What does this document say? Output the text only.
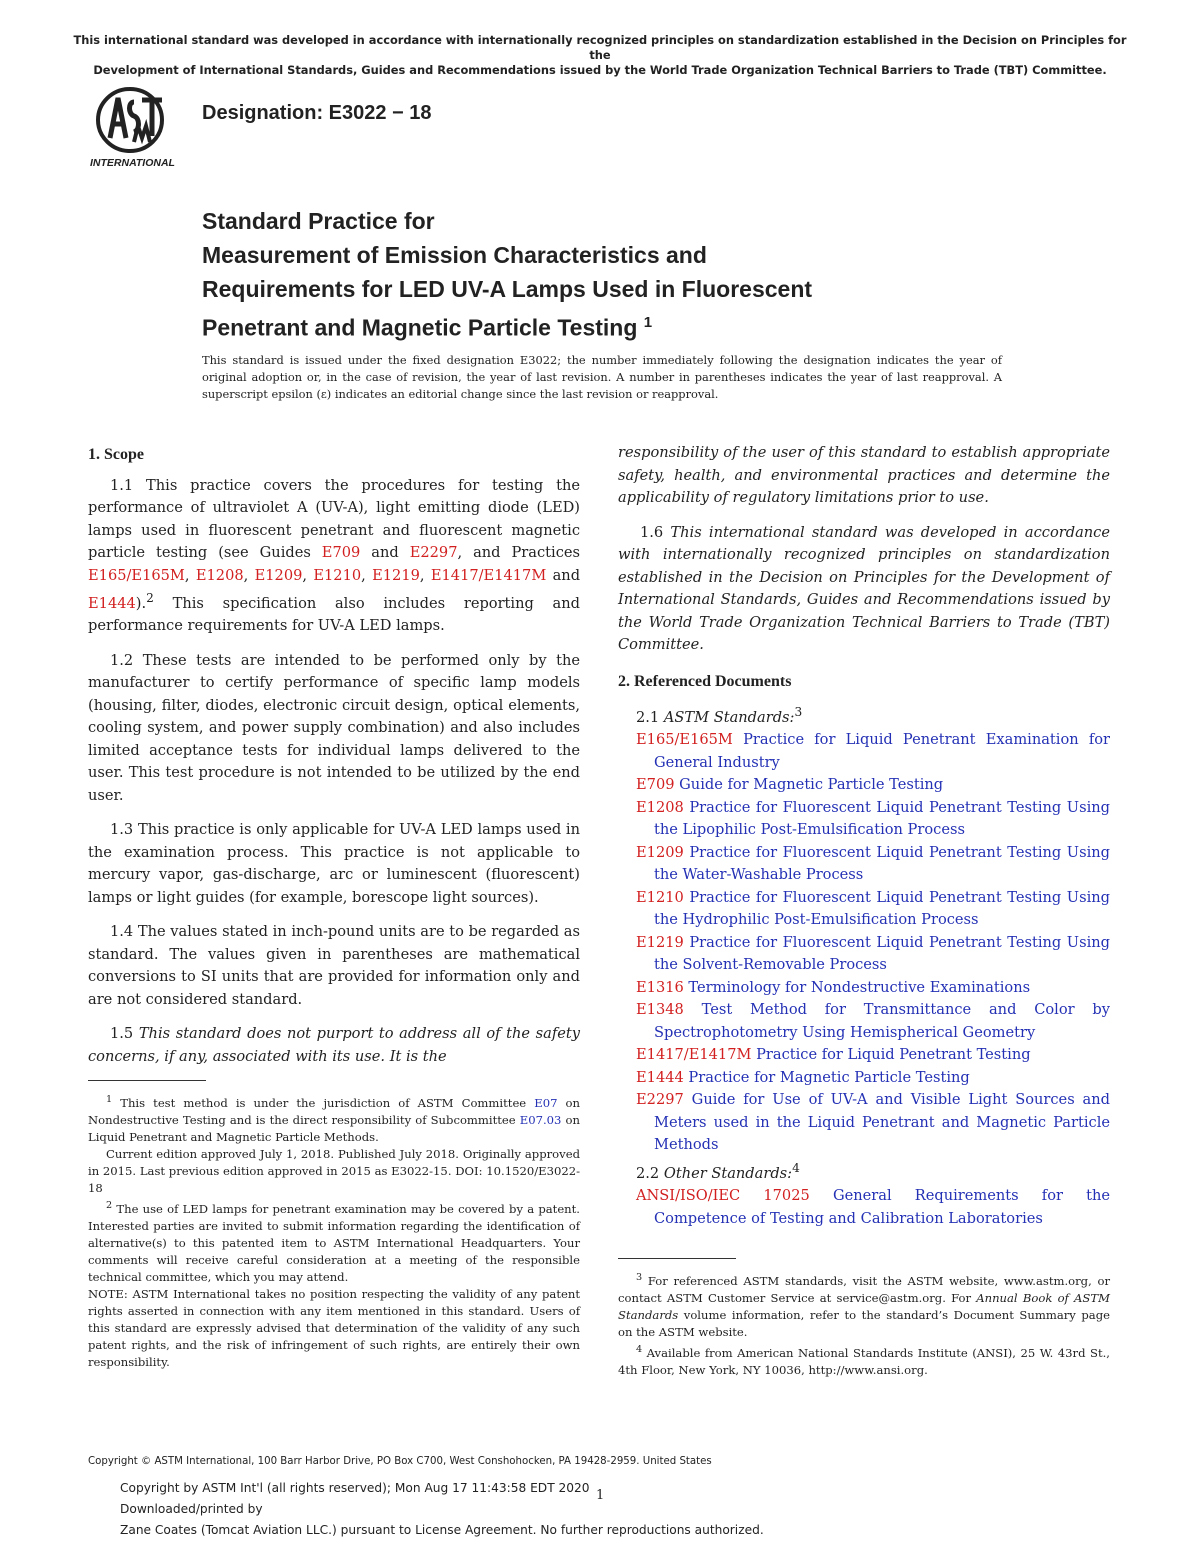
This international standard was developed in accordance with internationally recognized principles on standardization established in the Decision on Principles for the
Development of International Standards, Guides and Recommendations issued by the World Trade Organization Technical Barriers to Trade (TBT) Committee.
INTERNATIONAL
Designation: E3022 − 18
Standard Practice for
Measurement of Emission Characteristics and
Requirements for LED UV-A Lamps Used in Fluorescent
Penetrant and Magnetic Particle Testing $^1$
This standard is issued under the fixed designation E3022; the number immediately following the designation indicates the year of original adoption or, in the case of revision, the year of last revision. A number in parentheses indicates the year of last reapproval. A superscript epsilon (ε) indicates an editorial change since the last revision or reapproval.
1. Scope

1.1 This practice covers the procedures for testing the performance of ultraviolet A (UV-A), light emitting diode (LED) lamps used in fluorescent penetrant and fluorescent magnetic particle testing (see Guides E709 and E2297, and Practices E165/E165M, E1208, E1209, E1210, E1219, E1417/E1417M and E1444).$^2$ This specification also includes reporting and performance requirements for UV-A LED lamps.

1.2 These tests are intended to be performed only by the manufacturer to certify performance of specific lamp models (housing, filter, diodes, electronic circuit design, optical elements, cooling system, and power supply combination) and also includes limited acceptance tests for individual lamps delivered to the user. This test procedure is not intended to be utilized by the end user.

1.3 This practice is only applicable for UV-A LED lamps used in the examination process. This practice is not applicable to mercury vapor, gas-discharge, arc or luminescent (fluorescent) lamps or light guides (for example, borescope light sources).

1.4 The values stated in inch-pound units are to be regarded as standard. The values given in parentheses are mathematical conversions to SI units that are provided for information only and are not considered standard.

1.5 This standard does not purport to address all of the safety concerns, if any, associated with its use. It is the

$^1$ This test method is under the jurisdiction of ASTM Committee E07 on Nondestructive Testing and is the direct responsibility of Subcommittee E07.03 on Liquid Penetrant and Magnetic Particle Methods.

Current edition approved July 1, 2018. Published July 2018. Originally approved in 2015. Last previous edition approved in 2015 as E3022-15. DOI: 10.1520/E3022-18

$^2$ The use of LED lamps for penetrant examination may be covered by a patent. Interested parties are invited to submit information regarding the identification of alternative(s) to this patented item to ASTM International Headquarters. Your comments will receive careful consideration at a meeting of the responsible technical committee, which you may attend.

NOTE: ASTM International takes no position respecting the validity of any patent rights asserted in connection with any item mentioned in this standard. Users of this standard are expressly advised that determination of the validity of any such patent rights, and the risk of infringement of such rights, are entirely their own responsibility.

responsibility of the user of this standard to establish appropriate safety, health, and environmental practices and determine the applicability of regulatory limitations prior to use.

1.6 This international standard was developed in accordance with internationally recognized principles on standardization established in the Decision on Principles for the Development of International Standards, Guides and Recommendations issued by the World Trade Organization Technical Barriers to Trade (TBT) Committee.

2. Referenced Documents

2.1 ASTM Standards:$^3$

E165/E165M Practice for Liquid Penetrant Examination for General Industry

E709 Guide for Magnetic Particle Testing

E1208 Practice for Fluorescent Liquid Penetrant Testing Using the Lipophilic Post-Emulsification Process

E1209 Practice for Fluorescent Liquid Penetrant Testing Using the Water-Washable Process

E1210 Practice for Fluorescent Liquid Penetrant Testing Using the Hydrophilic Post-Emulsification Process

E1219 Practice for Fluorescent Liquid Penetrant Testing Using the Solvent-Removable Process

E1316 Terminology for Nondestructive Examinations

E1348 Test Method for Transmittance and Color by Spectrophotometry Using Hemispherical Geometry

E1417/E1417M Practice for Liquid Penetrant Testing

E1444 Practice for Magnetic Particle Testing

E2297 Guide for Use of UV-A and Visible Light Sources and Meters used in the Liquid Penetrant and Magnetic Particle Methods

2.2 Other Standards:$^4$

ANSI/ISO/IEC 17025 General Requirements for the Competence of Testing and Calibration Laboratories

$^3$ For referenced ASTM standards, visit the ASTM website, www.astm.org, or contact ASTM Customer Service at service@astm.org. For Annual Book of ASTM Standards volume information, refer to the standard’s Document Summary page on the ASTM website.

$^4$ Available from American National Standards Institute (ANSI), 25 W. 43rd St., 4th Floor, New York, NY 10036, http://www.ansi.org.

Copyright © ASTM International, 100 Barr Harbor Drive, PO Box C700, West Conshohocken, PA 19428-2959. United States
Copyright by ASTM Int'l (all rights reserved); Mon Aug 17 11:43:58 EDT 2020
Downloaded/printed by
Zane Coates (Tomcat Aviation LLC.) pursuant to License Agreement. No further reproductions authorized.
1
